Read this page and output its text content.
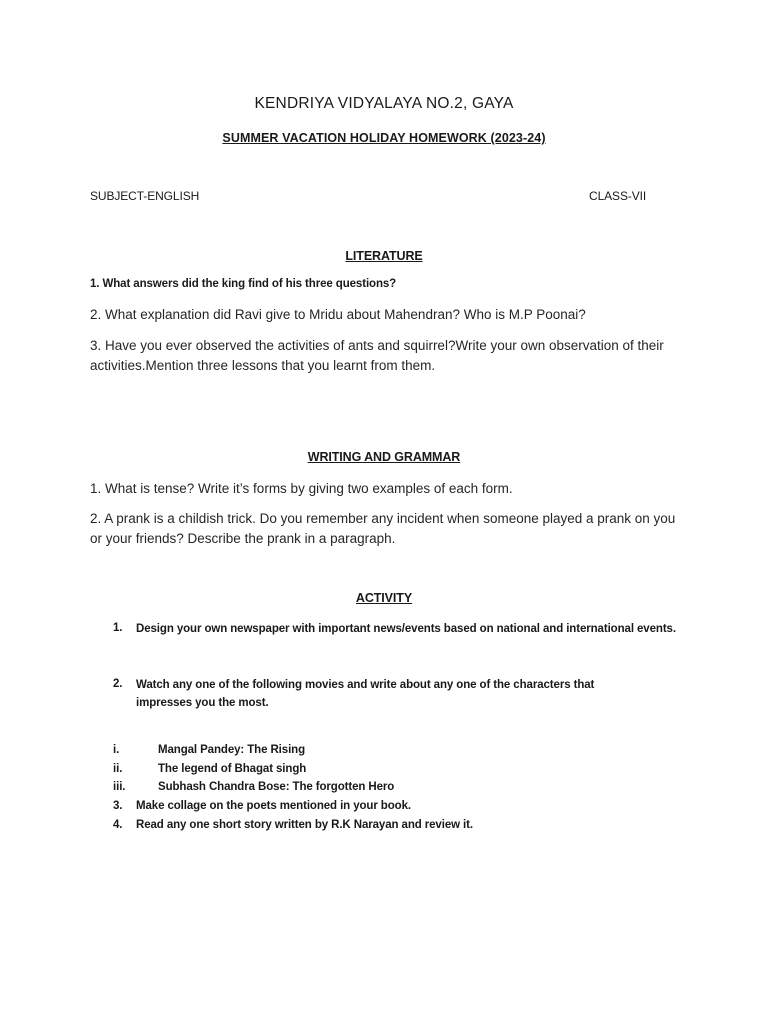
KENDRIYA VIDYALAYA NO.2, GAYA
SUMMER VACATION HOLIDAY HOMEWORK (2023-24)
SUBJECT-ENGLISH	CLASS-VII
LITERATURE
1. What answers did the king find of his three questions?
2. What explanation did Ravi give to Mridu about Mahendran? Who is M.P Poonai?
3. Have you ever observed the activities of ants and squirrel?Write your own observation of their activities.Mention three lessons that you learnt from them.
WRITING AND GRAMMAR
1. What is tense? Write it’s forms by giving two examples of each form.
2. A prank is a childish trick. Do you remember any incident when someone played a prank on you or your friends? Describe the prank in a paragraph.
ACTIVITY
1. Design your own newspaper with important news/events based on national and international events.
2. Watch any one of the following movies and write about any one of the characters that impresses you the most.
i.	Mangal Pandey: The Rising
ii.	The legend of Bhagat singh
iii.	Subhash Chandra Bose: The forgotten Hero
3. Make collage on the poets mentioned in your book.
4. Read any one short story written by R.K Narayan and review it.
